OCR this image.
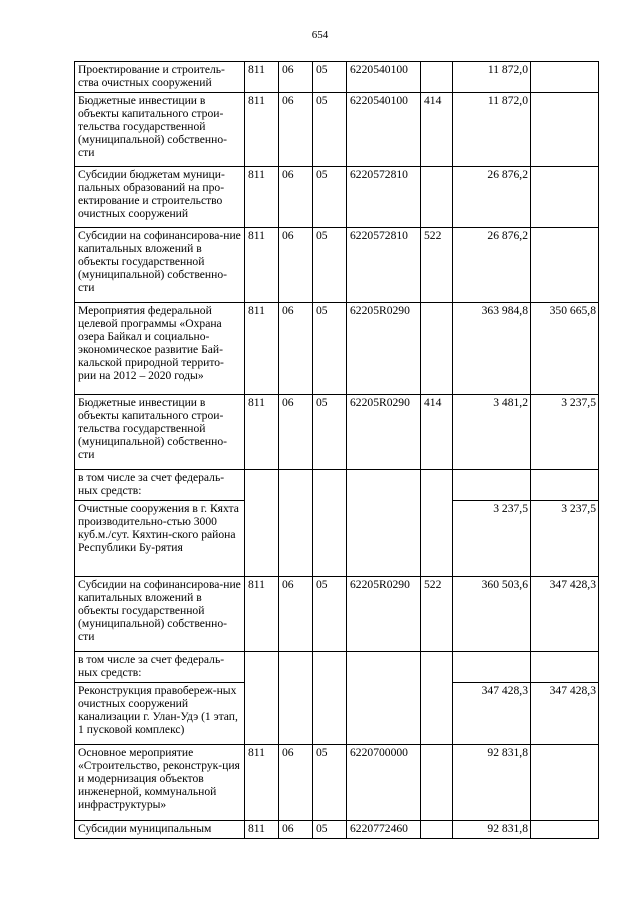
654
Проектирование и строитель-ства очистных сооружений	811	06	05	6220540100		11 872,0	
Бюджетные инвестиции в объекты капитального строи-тельства государственной (муниципальной) собственно-сти	811	06	05	6220540100	414	11 872,0	
Субсидии бюджетам муници-пальных образований на про-ектирование и строительство очистных сооружений	811	06	05	6220572810		26 876,2	
Субсидии на софинансирова-ние капитальных вложений в объекты государственной (муниципальной) собственно-сти	811	06	05	6220572810	522	26 876,2	
Мероприятия федеральной целевой программы «Охрана озера Байкал и социально-экономическое развитие Бай-кальской природной террито-рии на 2012 – 2020 годы»	811	06	05	62205R0290		363 984,8	350 665,8
Бюджетные инвестиции в объекты капитального строи-тельства государственной (муниципальной) собственно-сти	811	06	05	62205R0290	414	3 481,2	3 237,5
в том числе за счет федераль-ных средств:							
Очистные сооружения в г. Кяхта производительно-стью 3000 куб.м./сут. Кяхтин-ского района Республики Бу-рятия						3 237,5	3 237,5
Субсидии на софинансирова-ние капитальных вложений в объекты государственной (муниципальной) собственно-сти	811	06	05	62205R0290	522	360 503,6	347 428,3
в том числе за счет федераль-ных средств:							
Реконструкция правобереж-ных очистных сооружений канализации г. Улан-Удэ (1 этап, 1 пусковой комплекс)						347 428,3	347 428,3
Основное мероприятие «Строительство, реконструк-ция и модернизация объектов инженерной, коммунальной инфраструктуры»	811	06	05	6220700000		92 831,8	
Субсидии муниципальным	811	06	05	6220772460		92 831,8	
